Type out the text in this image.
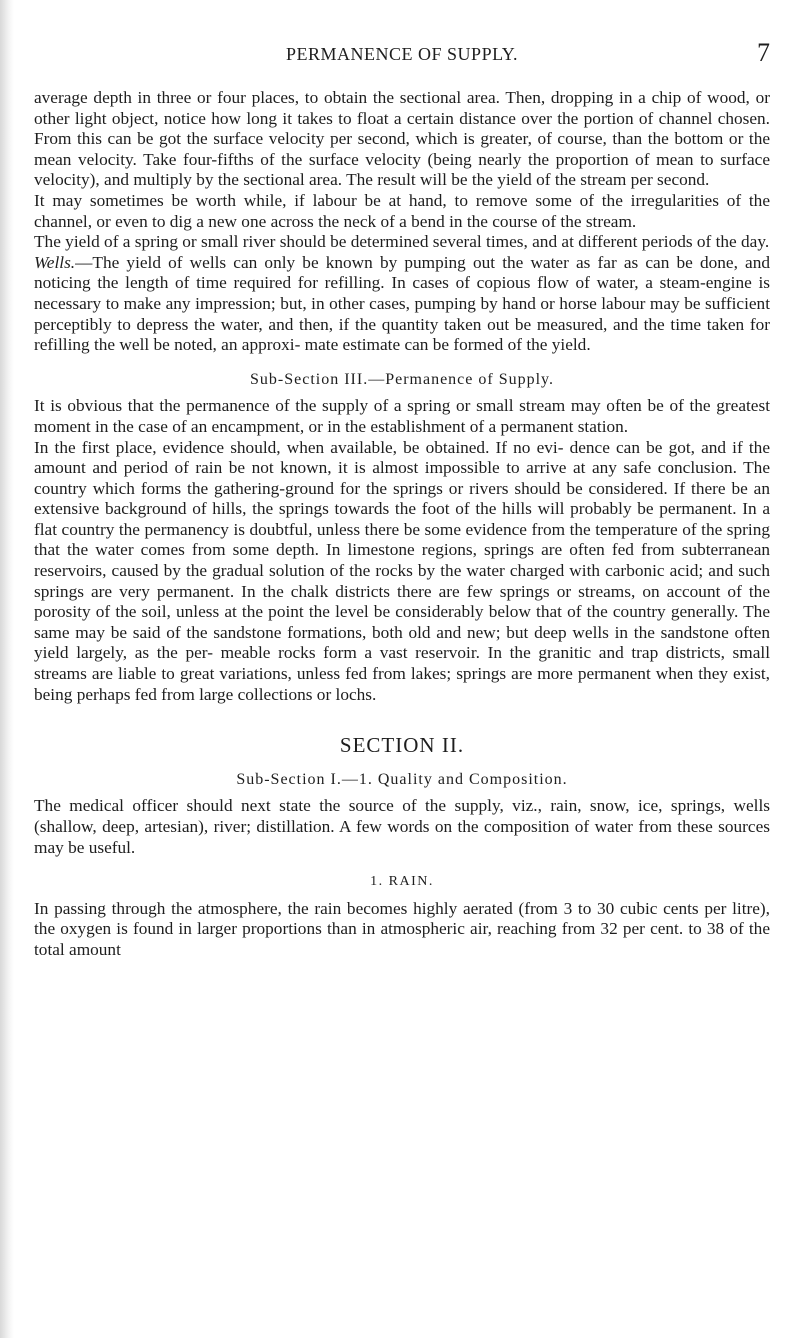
PERMANENCE OF SUPPLY.	7

average depth in three or four places, to obtain the sectional area. Then, dropping in a chip of wood, or other light object, notice how long it takes to float a certain distance over the portion of channel chosen. From this can be got the surface velocity per second, which is greater, of course, than the bottom or the mean velocity. Take four-fifths of the surface velocity (being nearly the proportion of mean to surface velocity), and multiply by the sectional area. The result will be the yield of the stream per second.

It may sometimes be worth while, if labour be at hand, to remove some of the irregularities of the channel, or even to dig a new one across the neck of a bend in the course of the stream.

The yield of a spring or small river should be determined several times, and at different periods of the day.

Wells.—The yield of wells can only be known by pumping out the water as far as can be done, and noticing the length of time required for refilling. In cases of copious flow of water, a steam-engine is necessary to make any impression; but, in other cases, pumping by hand or horse labour may be sufficient perceptibly to depress the water, and then, if the quantity taken out be measured, and the time taken for refilling the well be noted, an approxi- mate estimate can be formed of the yield.

Sub-Section III.—Permanence of Supply.

It is obvious that the permanence of the supply of a spring or small stream may often be of the greatest moment in the case of an encampment, or in the establishment of a permanent station.

In the first place, evidence should, when available, be obtained. If no evi- dence can be got, and if the amount and period of rain be not known, it is almost impossible to arrive at any safe conclusion. The country which forms the gathering-ground for the springs or rivers should be considered. If there be an extensive background of hills, the springs towards the foot of the hills will probably be permanent. In a flat country the permanency is doubtful, unless there be some evidence from the temperature of the spring that the water comes from some depth. In limestone regions, springs are often fed from subterranean reservoirs, caused by the gradual solution of the rocks by the water charged with carbonic acid; and such springs are very permanent. In the chalk districts there are few springs or streams, on account of the porosity of the soil, unless at the point the level be considerably below that of the country generally. The same may be said of the sandstone formations, both old and new; but deep wells in the sandstone often yield largely, as the per- meable rocks form a vast reservoir. In the granitic and trap districts, small streams are liable to great variations, unless fed from lakes; springs are more permanent when they exist, being perhaps fed from large collections or lochs.

SECTION II.
Sub-Section I.—1. Quality and Composition.

The medical officer should next state the source of the supply, viz., rain, snow, ice, springs, wells (shallow, deep, artesian), river; distillation. A few words on the composition of water from these sources may be useful.

1. RAIN.

In passing through the atmosphere, the rain becomes highly aerated (from 3 to 30 cubic cents per litre), the oxygen is found in larger proportions than in atmospheric air, reaching from 32 per cent. to 38 of the total amount
